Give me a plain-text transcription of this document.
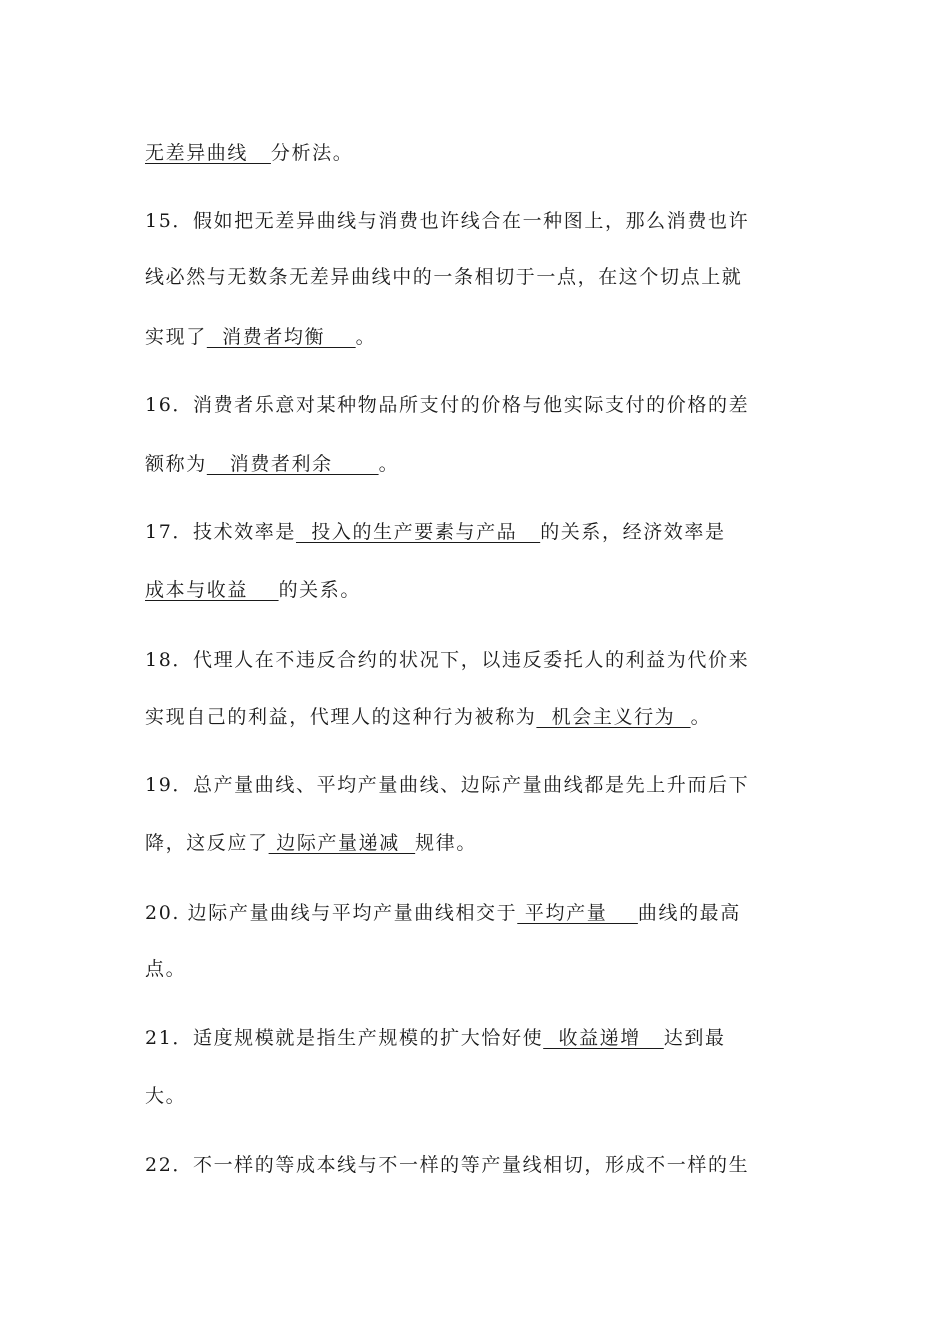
无差异曲线   分析法。
15．假如把无差异曲线与消费也许线合在一种图上，那么消费也许
线必然与无数条无差异曲线中的一条相切于一点，在这个切点上就
实现了  消费者均衡    。
16．消费者乐意对某种物品所支付的价格与他实际支付的价格的差
额称为   消费者利余      。
17．技术效率是  投入的生产要素与产品   的关系，经济效率是
成本与收益    的关系。
18．代理人在不违反合约的状况下，以违反委托人的利益为代价来
实现自己的利益，代理人的这种行为被称为  机会主义行为  。
19．总产量曲线、平均产量曲线、边际产量曲线都是先上升而后下
降，这反应了 边际产量递减  规律。
20. 边际产量曲线与平均产量曲线相交于 平均产量    曲线的最高
点。
21．适度规模就是指生产规模的扩大恰好使  收益递增   达到最
大。
22．不一样的等成本线与不一样的等产量线相切，形成不一样的生
